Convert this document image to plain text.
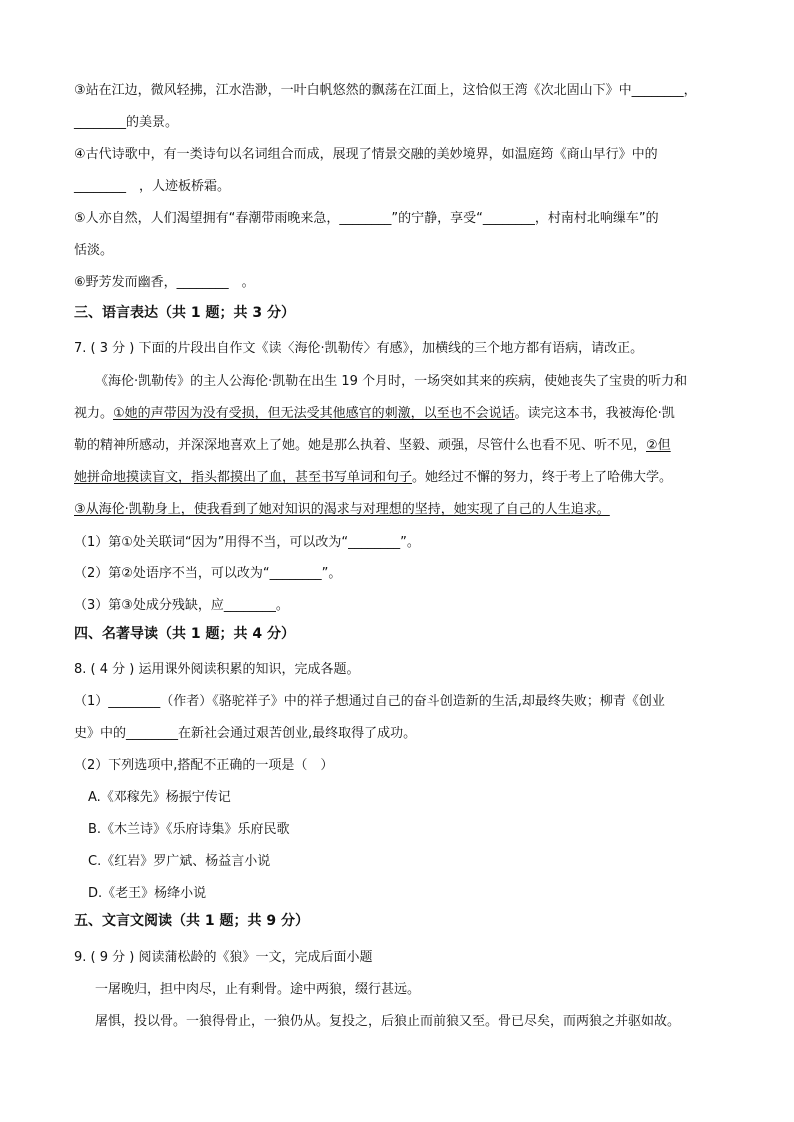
③站在江边，微风轻拂，江水浩渺，一叶白帆悠然的飘荡在江面上，这恰似王湾《次北固山下》中________，
________的美景。
④古代诗歌中，有一类诗句以名词组合而成，展现了情景交融的美妙境界，如温庭筠《商山早行》中的
________　，人迹板桥霜。
⑤人亦自然，人们渴望拥有“春潮带雨晚来急，________”的宁静，享受“________，村南村北响缫车”的
恬淡。
⑥野芳发而幽香，________　。
三、语言表达（共 1 题；共 3 分）
7. ( 3 分 ) 下面的片段出自作文《读〈海伦·凯勒传〉有感》，加横线的三个地方都有语病，请改正。
《海伦·凯勒传》的主人公海伦·凯勒在出生 19 个月时，一场突如其来的疾病，使她丧失了宝贵的听力和
视力。①她的声带因为没有受损，但无法受其他感官的刺激，以至也不会说话。读完这本书，我被海伦·凯
勒的精神所感动，并深深地喜欢上了她。她是那么执着、坚毅、顽强，尽管什么也看不见、听不见，②但
她拼命地摸读盲文，指头都摸出了血，甚至书写单词和句子。她经过不懈的努力，终于考上了哈佛大学。
③从海伦·凯勒身上，使我看到了她对知识的渴求与对理想的坚持，她实现了自己的人生追求。
（1）第①处关联词“因为”用得不当，可以改为“________”。
（2）第②处语序不当，可以改为“________”。
（3）第③处成分残缺，应________。
四、名著导读（共 1 题；共 4 分）
8. ( 4 分 ) 运用课外阅读积累的知识，完成各题。
（1）________（作者）《骆驼祥子》中的祥子想通过自己的奋斗创造新的生活,却最终失败；柳青《创业
史》中的________在新社会通过艰苦创业,最终取得了成功。
（2）下列选项中,搭配不正确的一项是（　）
A.《邓稼先》杨振宁传记
B.《木兰诗》《乐府诗集》乐府民歌
C.《红岩》罗广斌、杨益言小说
D.《老王》杨绛小说
五、文言文阅读（共 1 题；共 9 分）
9. ( 9 分 ) 阅读蒲松龄的《狼》一文，完成后面小题
一屠晚归，担中肉尽，止有剩骨。途中两狼，缀行甚远。
屠惧，投以骨。一狼得骨止，一狼仍从。复投之，后狼止而前狼又至。骨已尽矣，而两狼之并驱如故。
